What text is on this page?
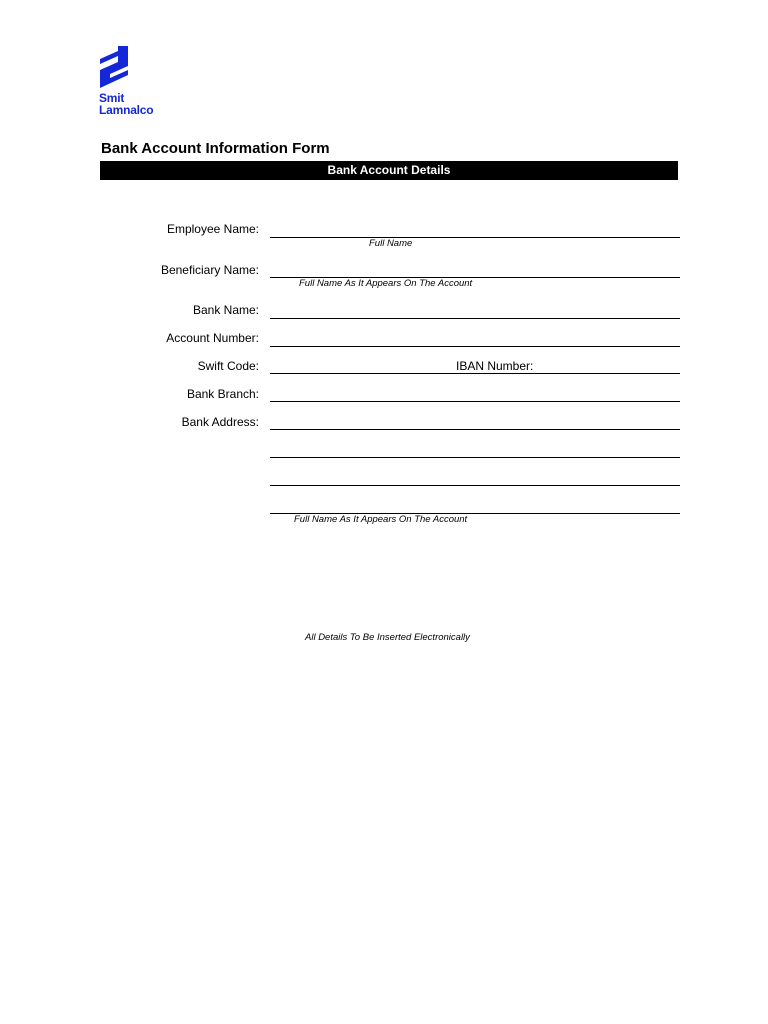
Smit
Lamnalco
Bank Account Information Form
Bank Account Details
Employee Name:
Full Name
Beneficiary Name:
Full Name As It Appears On The Account
Bank Name:
Account Number:
Swift Code:	IBAN Number:
Bank Branch:
Bank Address:
Full Name As It Appears On The Account
All Details To Be Inserted Electronically
